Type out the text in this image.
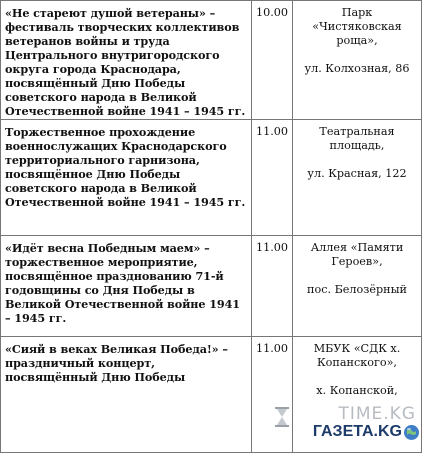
«Не стареют душой ветераны» – фестиваль творческих коллективов ветеранов войны и труда Центрального внутригородского округа города Краснодара, посвящённый Дню Победы советского народа в Великой Отечественной войне 1941 – 1945 гг.	10.00	Парк «Чистяковская роща»,
ул. Колхозная, 86
Торжественное прохождение военнослужащих Краснодарского территориального гарнизона, посвящённое Дню Победы советского народа в Великой Отечественной войне 1941 – 1945 гг.	11.00	Театральная площадь,
ул. Красная, 122
«Идёт весна Победным маем» – торжественное мероприятие, посвящённое празднованию 71-й годовщины со Дня Победы в Великой Отечественной войне 1941 – 1945 гг.	11.00	Аллея «Памяти Героев»,
пос. Белозёрный
«Сияй в веках Великая Победа!» – праздничный концерт, посвящённый Дню Победы	11.00	МБУК «СДК х. Копанского»,
х. Копанской,
TIME.KG
ГАЗЕТА.KG
